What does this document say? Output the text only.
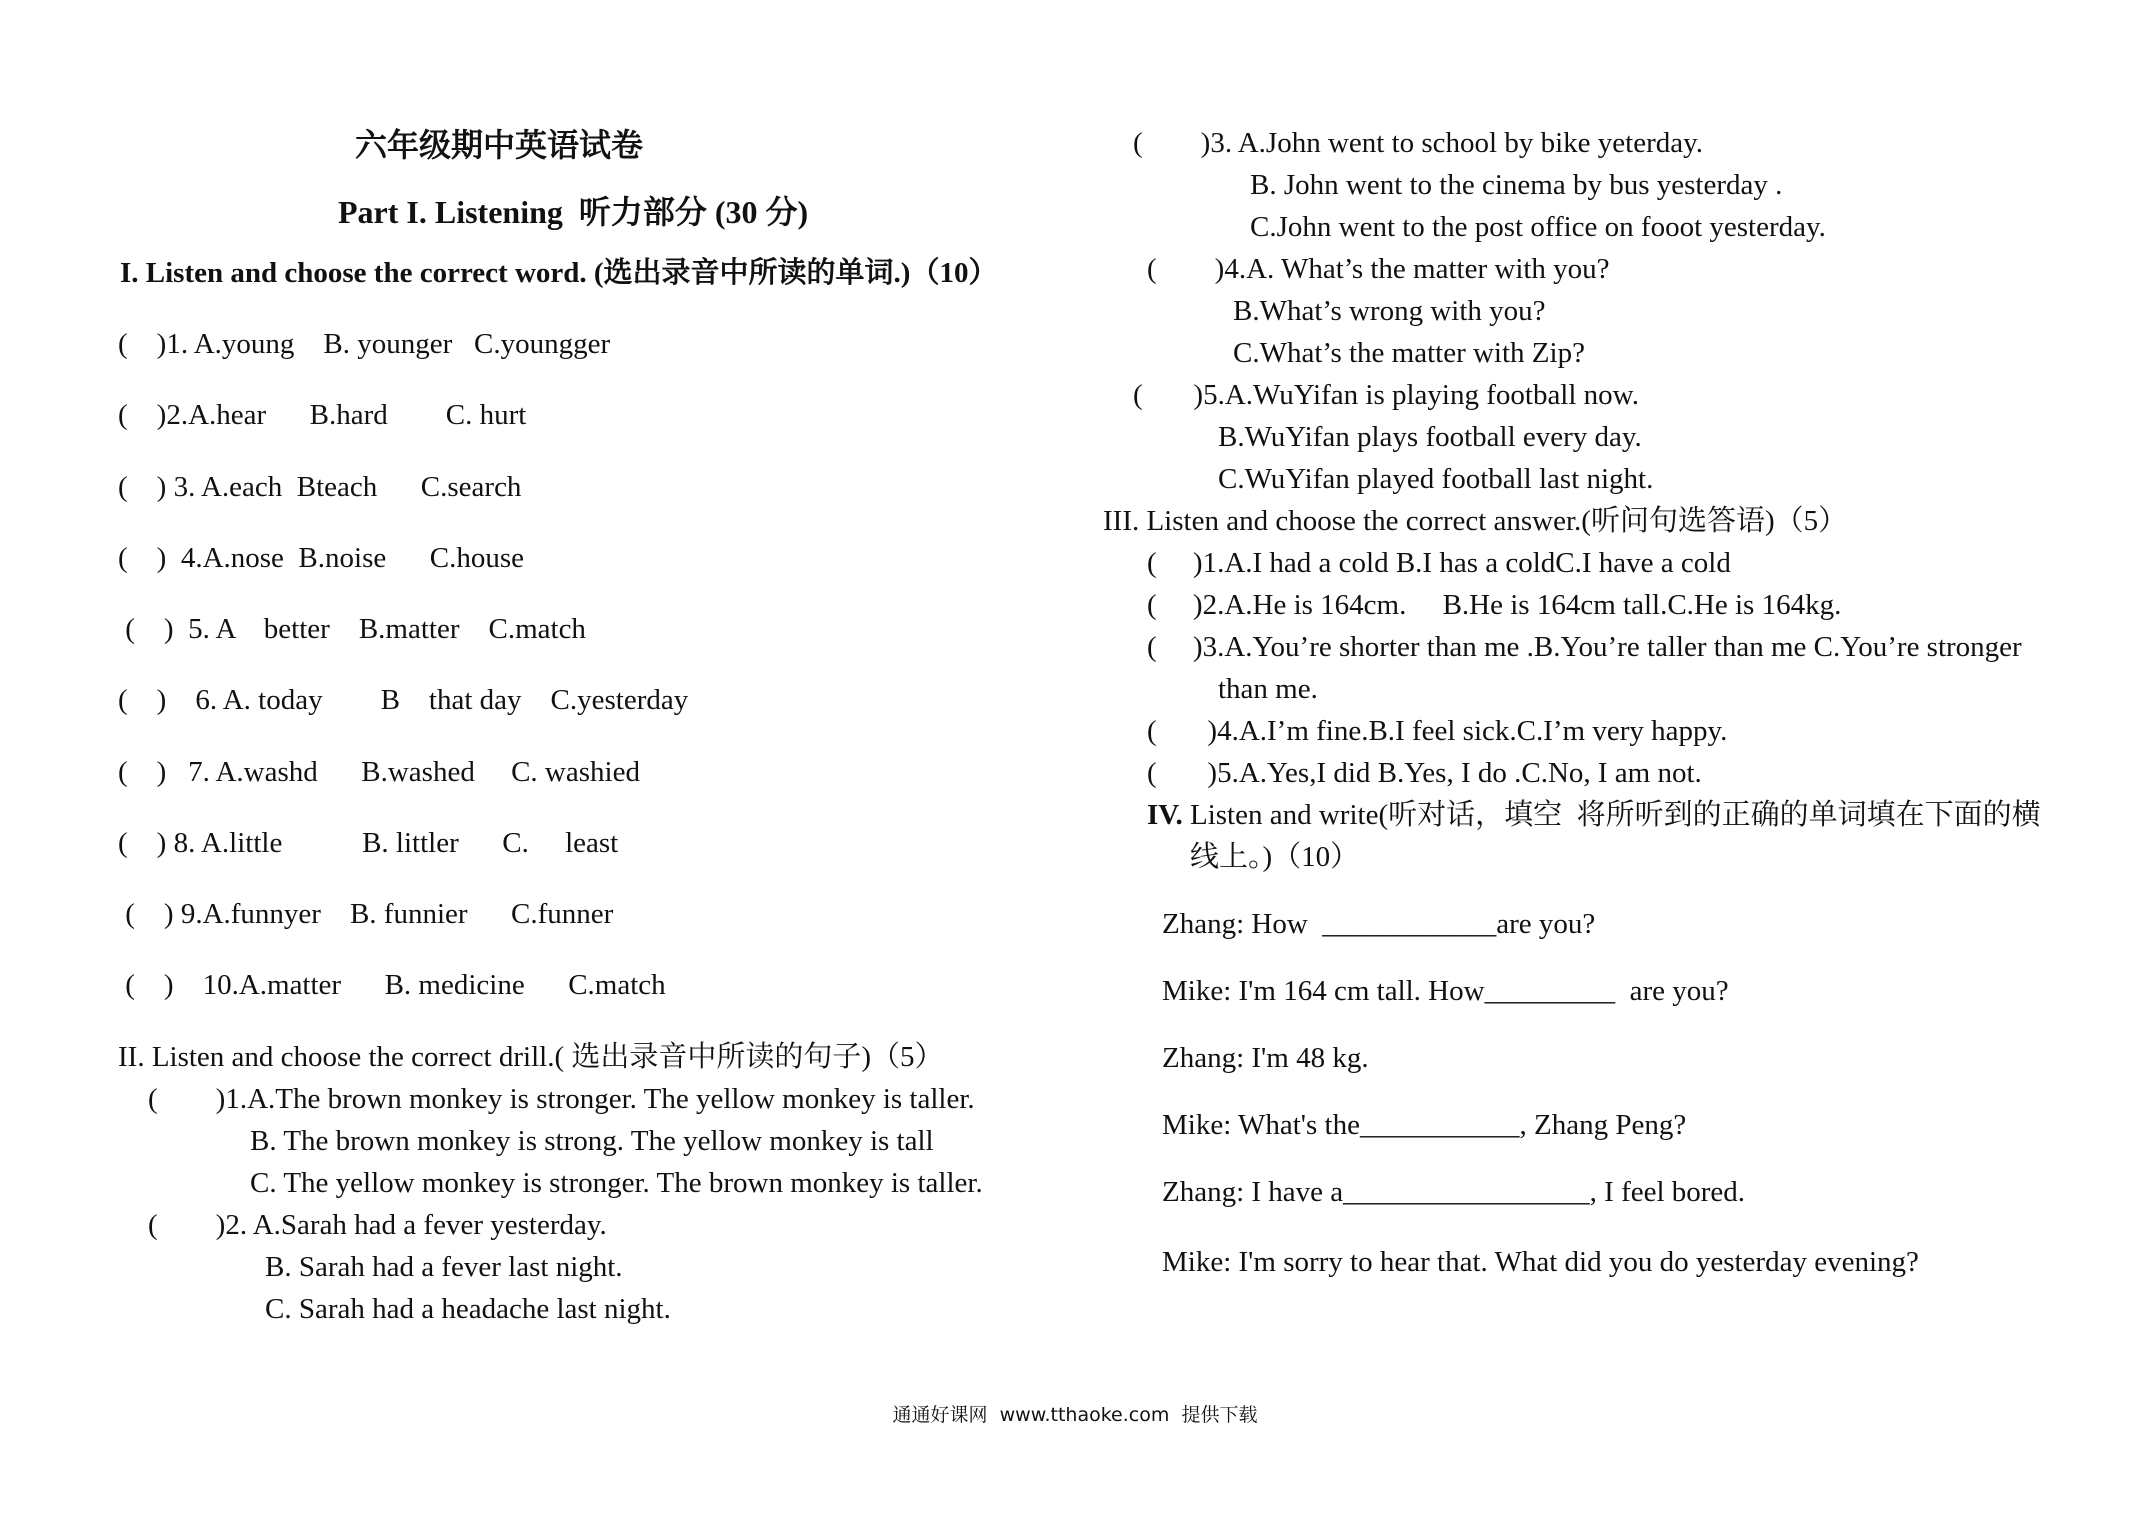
六年级期中英语试卷
Part I. Listening  听力部分 (30 分)
I. Listen and choose the correct word. (选出录音中所读的单词.)（10）
(    )1. A.young    B. younger   C.youngger
(    )2.A.hear      B.hard        C. hurt
(    ) 3. A.each  Bteach      C.search
(    )  4.A.nose  B.noise      C.house
(    )  5. A    better    B.matter    C.match
(    )    6. A. today        B    that day    C.yesterday
(    )   7. A.washd      B.washed     C. washied
(    ) 8. A.little           B. littler      C.     least
(    ) 9.A.funnyer    B. funnier      C.funner
(    )    10.A.matter      B. medicine      C.match
II. Listen and choose the correct drill.( 选出录音中所读的句子)（5）
(        )1.A.The brown monkey is stronger. The yellow monkey is taller.
B. The brown monkey is strong. The yellow monkey is tall
C. The yellow monkey is stronger. The brown monkey is taller.
(        )2. A.Sarah had a fever yesterday.
B. Sarah had a fever last night.
C. Sarah had a headache last night.
(        )3. A.John went to school by bike yeterday.
B. John went to the cinema by bus yesterday .
C.John went to the post office on fooot yesterday.
(        )4.A. What’s the matter with you?
B.What’s wrong with you?
C.What’s the matter with Zip?
(       )5.A.WuYifan is playing football now.
B.WuYifan plays football every day.
C.WuYifan played football last night.
III. Listen and choose the correct answer.(听问句选答语)（5）
(     )1.A.I had a cold B.I has a coldC.I have a cold
(     )2.A.He is 164cm.     B.He is 164cm tall.C.He is 164kg.
(     )3.A.You’re shorter than me .B.You’re taller than me C.You’re stronger
than me.
(       )4.A.I’m fine.B.I feel sick.C.I’m very happy.
(       )5.A.Yes,I did B.Yes, I do .C.No, I am not.
IV. Listen and write(听对话，填空  将所听到的正确的单词填在下面的横
线上。)（10）
Zhang: How  ____________are you?
Mike: I'm 164 cm tall. How_________  are you?
Zhang: I'm 48 kg.
Mike: What's the___________, Zhang Peng?
Zhang: I have a_________________, I feel bored.
Mike: I'm sorry to hear that. What did you do yesterday evening?
通通好课网  www.tthaoke.com  提供下载
